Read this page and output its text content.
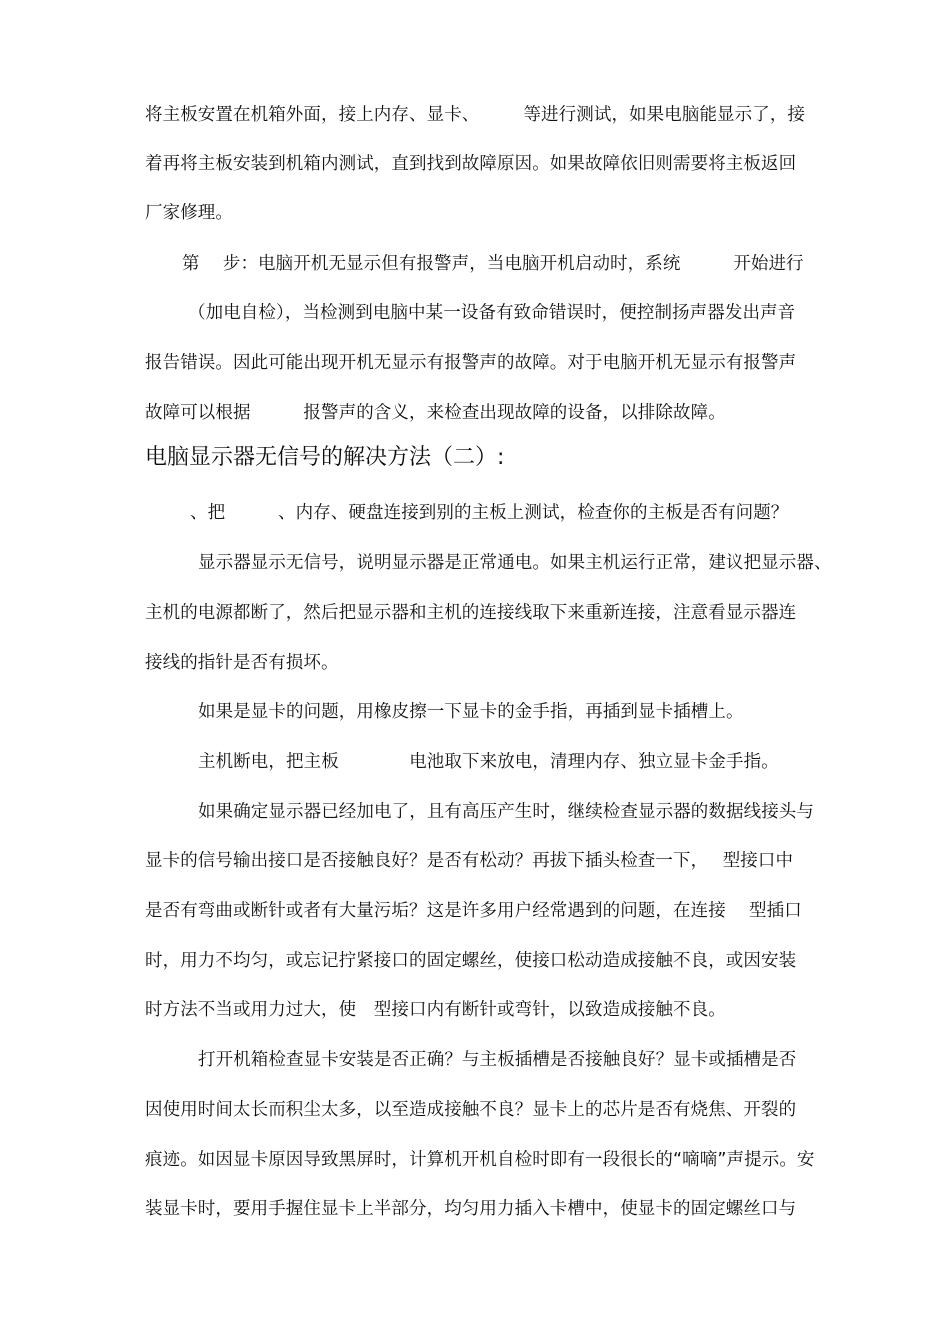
将主板安置在机箱外面，接上内存、显卡、　　　等进行测试，如果电脑能显示了，接
着再将主板安装到机箱内测试，直到找到故障原因。如果故障依旧则需要将主板返回
厂家修理。
第　 步：电脑开机无显示但有报警声，当电脑开机启动时，系统　　　开始进行
（加电自检），当检测到电脑中某一设备有致命错误时，便控制扬声器发出声音
报告错误。因此可能出现开机无显示有报警声的故障。对于电脑开机无显示有报警声
故障可以根据　　　报警声的含义，来检查出现故障的设备，以排除故障。
电脑显示器无信号的解决方法（二）:
、把　　　、内存、硬盘连接到别的主板上测试，检查你的主板是否有问题？
显示器显示无信号，说明显示器是正常通电。如果主机运行正常，建议把显示器、
主机的电源都断了，然后把显示器和主机的连接线取下来重新连接，注意看显示器连
接线的指针是否有损坏。
如果是显卡的问题，用橡皮擦一下显卡的金手指，再插到显卡插槽上。
主机断电，把主板　　　　电池取下来放电，清理内存、独立显卡金手指。
如果确定显示器已经加电了，且有高压产生时，继续检查显示器的数据线接头与
显卡的信号输出接口是否接触良好？是否有松动？再拔下插头检查一下，　 型接口中
是否有弯曲或断针或者有大量污垢？这是许多用户经常遇到的问题，在连接　 型插口
时，用力不均匀，或忘记拧紧接口的固定螺丝，使接口松动造成接触不良，或因安装
时方法不当或用力过大，使　型接口内有断针或弯针，以致造成接触不良。
打开机箱检查显卡安装是否正确？与主板插槽是否接触良好？显卡或插槽是否
因使用时间太长而积尘太多，以至造成接触不良？显卡上的芯片是否有烧焦、开裂的
痕迹。如因显卡原因导致黑屏时，计算机开机自检时即有一段很长的“嘀嘀”声提示。安
装显卡时，要用手握住显卡上半部分，均匀用力插入卡槽中，使显卡的固定螺丝口与
